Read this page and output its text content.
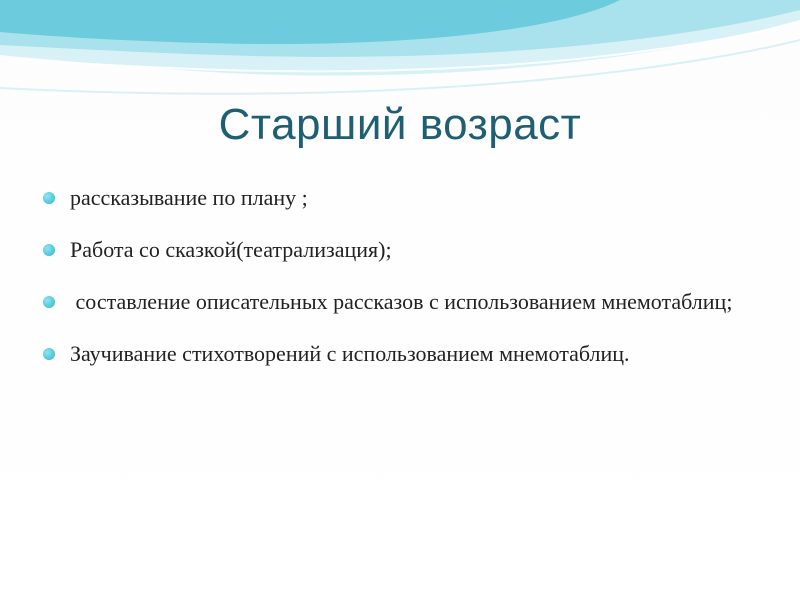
Старший возраст
рассказывание по плану ;
Работа со сказкой(театрализация);
составление описательных рассказов с использованием мнемотаблиц;
Заучивание стихотворений с использованием мнемотаблиц.
